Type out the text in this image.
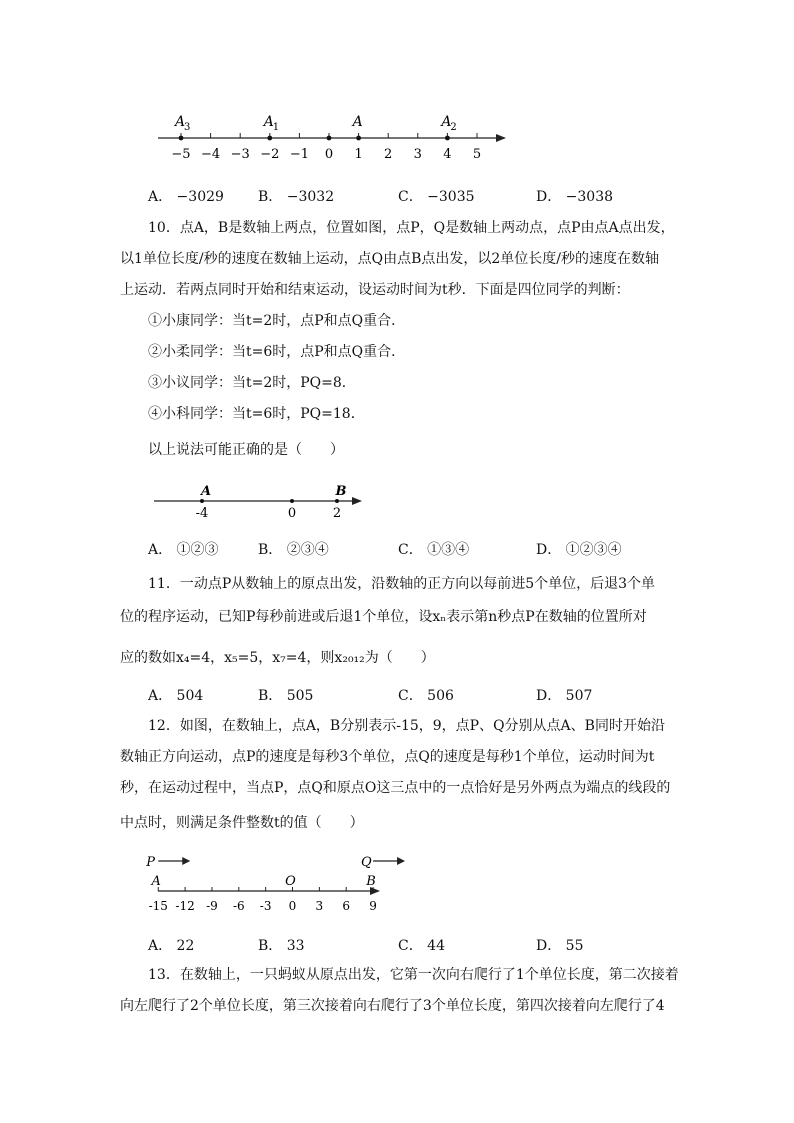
−5 −4 −3 −2 −1 0 1 2 3 4 5
A
3	A
1	A	A
2
A． −3029 B． −3032	C． −3035	D． −3038
10．点A，B是数轴上两点，位置如图，点P，Q是数轴上两动点，点P由点A点出发，
以1单位长度/秒的速度在数轴上运动，点Q由点B点出发，以2单位长度/秒的速度在数轴
上运动．若两点同时开始和结束运动，设运动时间为t秒．下面是四位同学的判断：
①小康同学：当t=2时，点P和点Q重合．
②小柔同学：当t=6时，点P和点Q重合．
③小议同学：当t=2时，PQ=8．
④小科同学：当t=6时，PQ=18．
以上说法可能正确的是（　　）
-4
A
0	2
B
A． ①②③	B． ②③④	C． ①③④	D． ①②③④
11．一动点P从数轴上的原点出发，沿数轴的正方向以每前进5个单位，后退3个单
位的程序运动，已知P每秒前进或后退1个单位，设xₙ表示第n秒点P在数轴的位置所对
应的数如x₄=4，x₅=5，x₇=4，则x₂₀₁₂为（　　）
A． 504	B． 505	C． 506	D． 507
12．如图，在数轴上，点A，B分别表示-15，9，点P、Q分别从点A、B同时开始沿
数轴正方向运动，点P的速度是每秒3个单位，点Q的速度是每秒1个单位，运动时间为t
秒，在运动过程中，当点P，点Q和原点O这三点中的一点恰好是另外两点为端点的线段的
中点时，则满足条件整数t的值（　　）
-15 -12 -9 -6 -3 0 3 6 9
A	O	B
P	Q
A． 22	B． 33	C． 44	D． 55
13．在数轴上，一只蚂蚁从原点出发，它第一次向右爬行了1个单位长度，第二次接着
向左爬行了2个单位长度，第三次接着向右爬行了3个单位长度，第四次接着向左爬行了4
